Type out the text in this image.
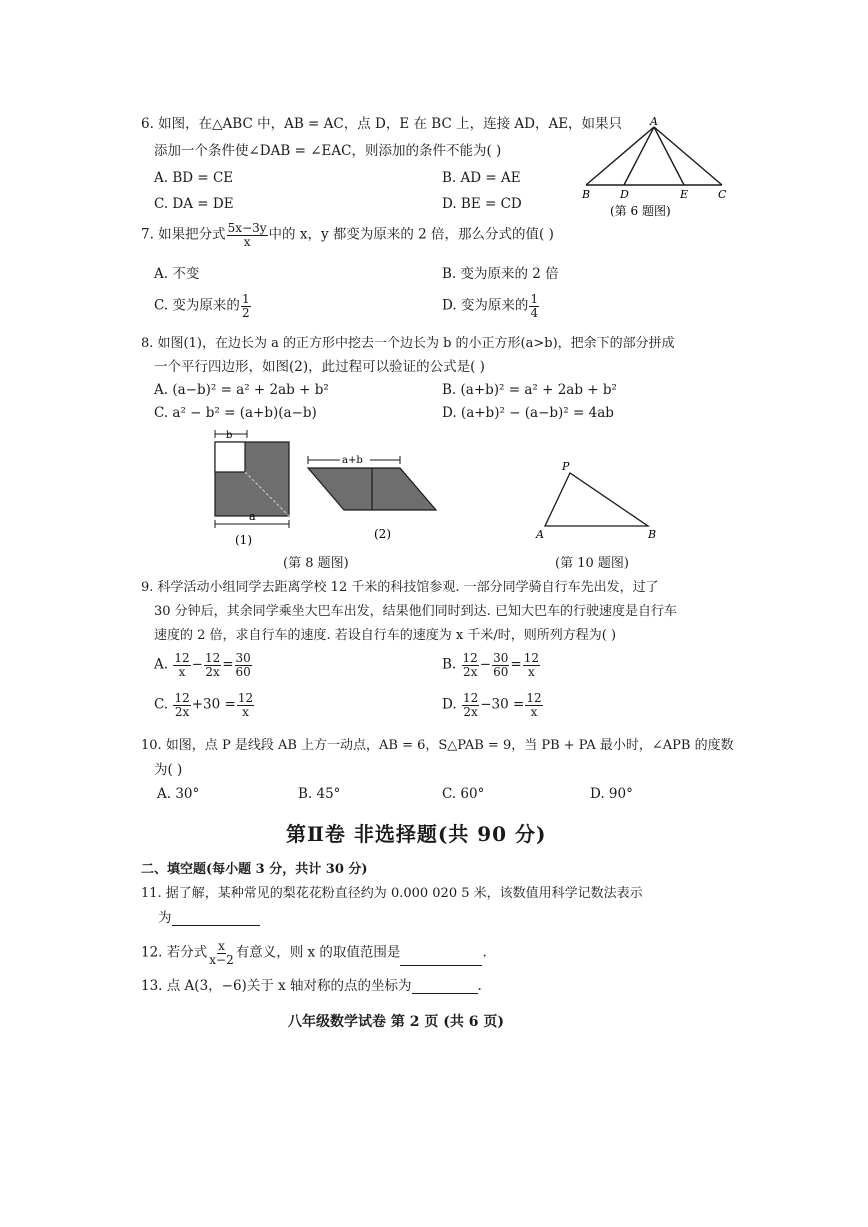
6. 如图，在△ABC 中，AB = AC，点 D，E 在 BC 上，连接 AD，AE，如果只
添加一个条件使∠DAB = ∠EAC，则添加的条件不能为( )
A. BD = CE	B. AD = AE
C. DA = DE	D. BE = CD
A
B	D	E	C
(第 6 题图)
7. 如果把分式 $\frac{5x-3y}{x}$ 中的 x，y 都变为原来的 2 倍，那么分式的值( )
A. 不变	B. 变为原来的 2 倍
C. 变为原来的 $\frac{1}{2}$	D. 变为原来的 $\frac{1}{4}$
8. 如图(1)，在边长为 a 的正方形中挖去一个边长为 b 的小正方形(a>b)，把余下的部分拼成
一个平行四边形，如图(2)，此过程可以验证的公式是( )
A. (a−b)² = a² + 2ab + b²	B. (a+b)² = a² + 2ab + b²
C. a² − b² = (a+b)(a−b)	D. (a+b)² − (a−b)² = 4ab
b
a
(1)
a+b
(2)
(第 8 题图)
P
A	B
(第 10 题图)
9. 科学活动小组同学去距离学校 12 千米的科技馆参观. 一部分同学骑自行车先出发，过了
30 分钟后，其余同学乘坐大巴车出发，结果他们同时到达. 已知大巴车的行驶速度是自行车
速度的 2 倍，求自行车的速度. 若设自行车的速度为 x 千米/时，则所列方程为( )
A. $\frac{12}{x} - \frac{12}{2x} = \frac{30}{60}$	B. $\frac{12}{2x} - \frac{30}{60} = \frac{12}{x}$
C. $\frac{12}{2x} +30 = \frac{12}{x}$	D. $\frac{12}{2x} -30 = \frac{12}{x}$
10. 如图，点 P 是线段 AB 上方一动点，AB = 6，S△PAB = 9，当 PB + PA 最小时，∠APB 的度数
为( )
A. 30°	B. 45°	C. 60°	D. 90°
第Ⅱ卷 非选择题(共 90 分)
二、填空题(每小题 3 分，共计 30 分)
11. 据了解，某种常见的梨花花粉直径约为 0.000 020 5 米，该数值用科学记数法表示
为
12. 若分式 $\frac{x}{x-2}$ 有意义，则 x 的取值范围是	.
13. 点 A(3，−6)关于 x 轴对称的点的坐标为	.
八年级数学试卷 第 2 页 (共 6 页)
